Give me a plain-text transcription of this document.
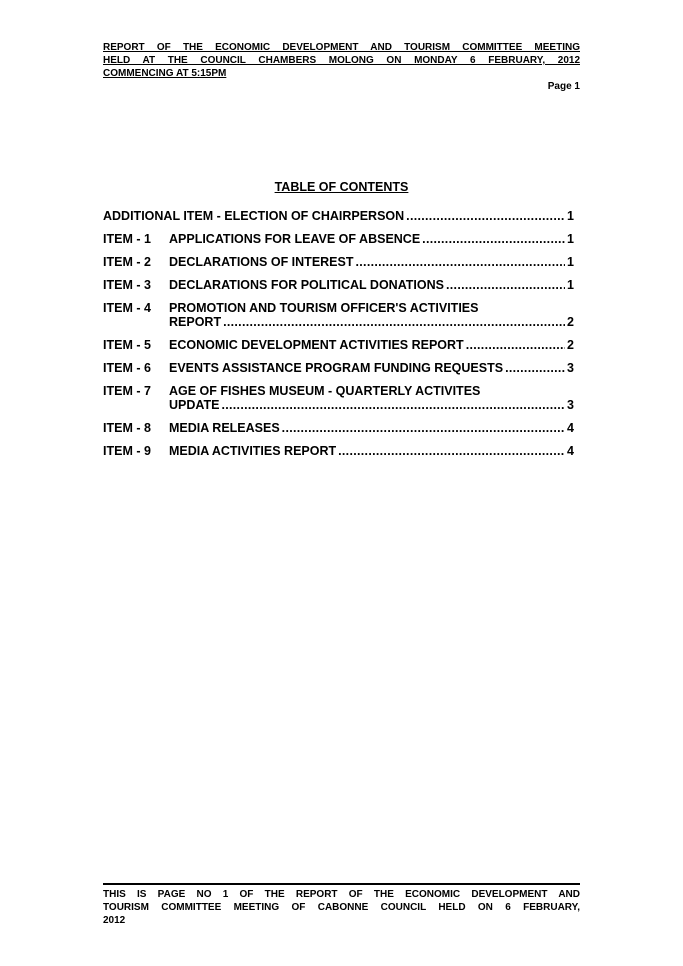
REPORT OF THE ECONOMIC DEVELOPMENT AND TOURISM COMMITTEE MEETING
HELD AT THE COUNCIL CHAMBERS MOLONG ON MONDAY 6 FEBRUARY, 2012
COMMENCING AT 5:15PM
Page 1
TABLE OF CONTENTS
ADDITIONAL ITEM - ELECTION OF CHAIRPERSON .....	1
ITEM - 1	APPLICATIONS FOR LEAVE OF ABSENCE .....	1
ITEM - 2	DECLARATIONS OF INTEREST .....	1
ITEM - 3	DECLARATIONS FOR POLITICAL DONATIONS .....	1
ITEM - 4	PROMOTION AND TOURISM OFFICER'S ACTIVITIES
REPORT .....	2
ITEM - 5	ECONOMIC DEVELOPMENT ACTIVITIES REPORT .....	2
ITEM - 6	EVENTS ASSISTANCE PROGRAM FUNDING REQUESTS .....	3
ITEM - 7	AGE OF FISHES MUSEUM - QUARTERLY ACTIVITES
UPDATE .....	3
ITEM - 8	MEDIA RELEASES .....	4
ITEM - 9	MEDIA ACTIVITIES REPORT .....	4
THIS IS PAGE NO 1 OF THE REPORT OF THE ECONOMIC DEVELOPMENT AND
TOURISM COMMITTEE MEETING OF CABONNE COUNCIL HELD ON 6 FEBRUARY,
2012
